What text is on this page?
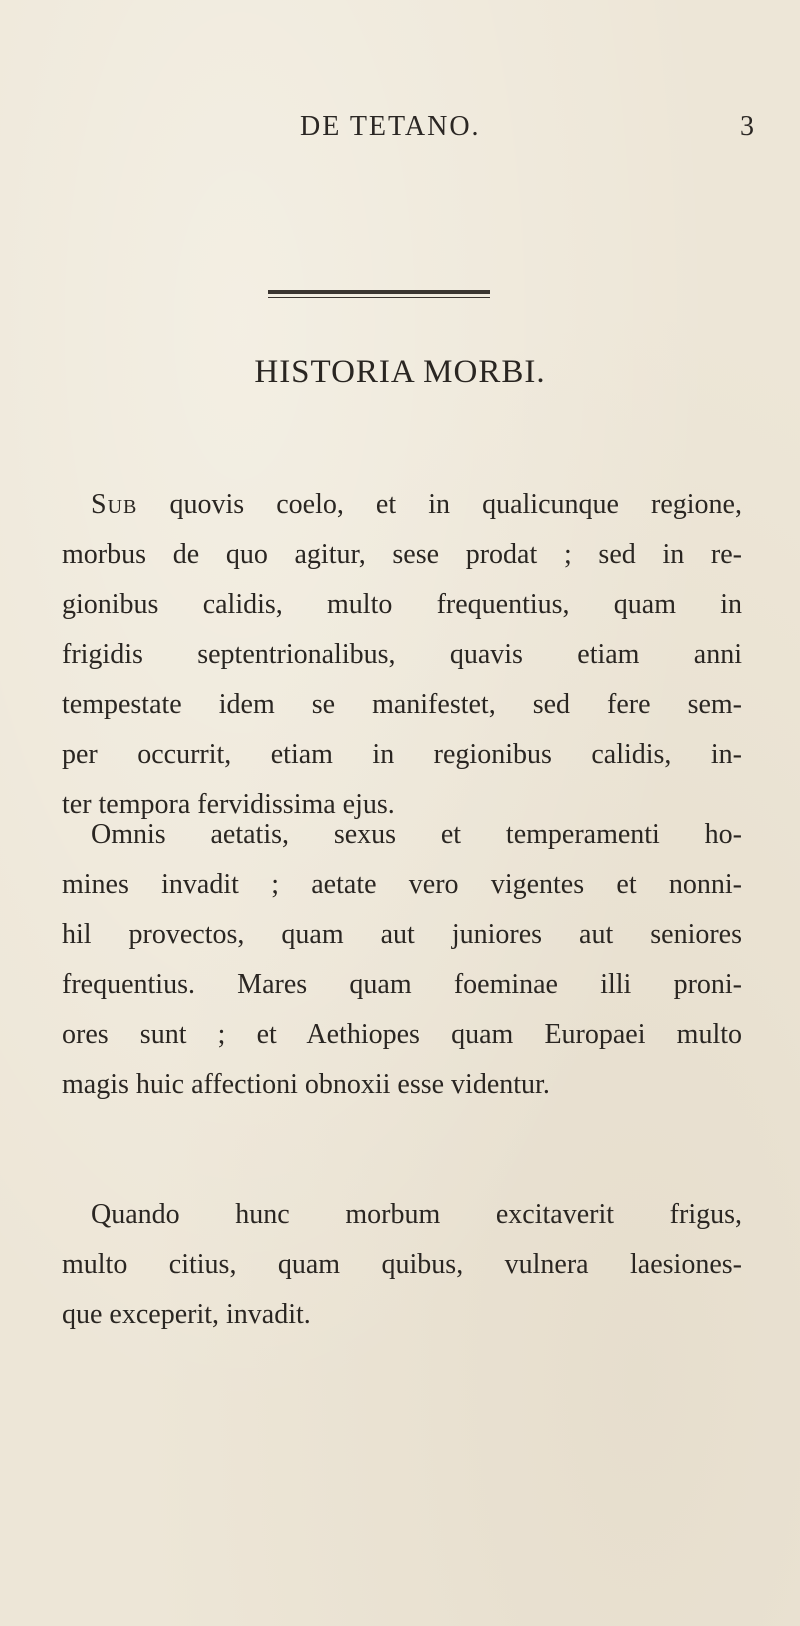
DE TETANO.	3
HISTORIA MORBI.

Sub quovis coelo, et in qualicunque regione,
morbus de quo agitur, sese prodat ; sed in re-
gionibus calidis, multo frequentius, quam in
frigidis septentrionalibus, quavis etiam anni
tempestate idem se manifestet, sed fere sem-
per occurrit, etiam in regionibus calidis, in-
ter tempora fervidissima ejus.

Omnis aetatis, sexus et temperamenti ho-
mines invadit ; aetate vero vigentes et nonni-
hil provectos, quam aut juniores aut seniores
frequentius. Mares quam foeminae illi proni-
ores sunt ; et Aethiopes quam Europaei multo
magis huic affectioni obnoxii esse videntur.

Quando hunc morbum excitaverit frigus,
multo citius, quam quibus, vulnera laesiones-
que exceperit, invadit.
